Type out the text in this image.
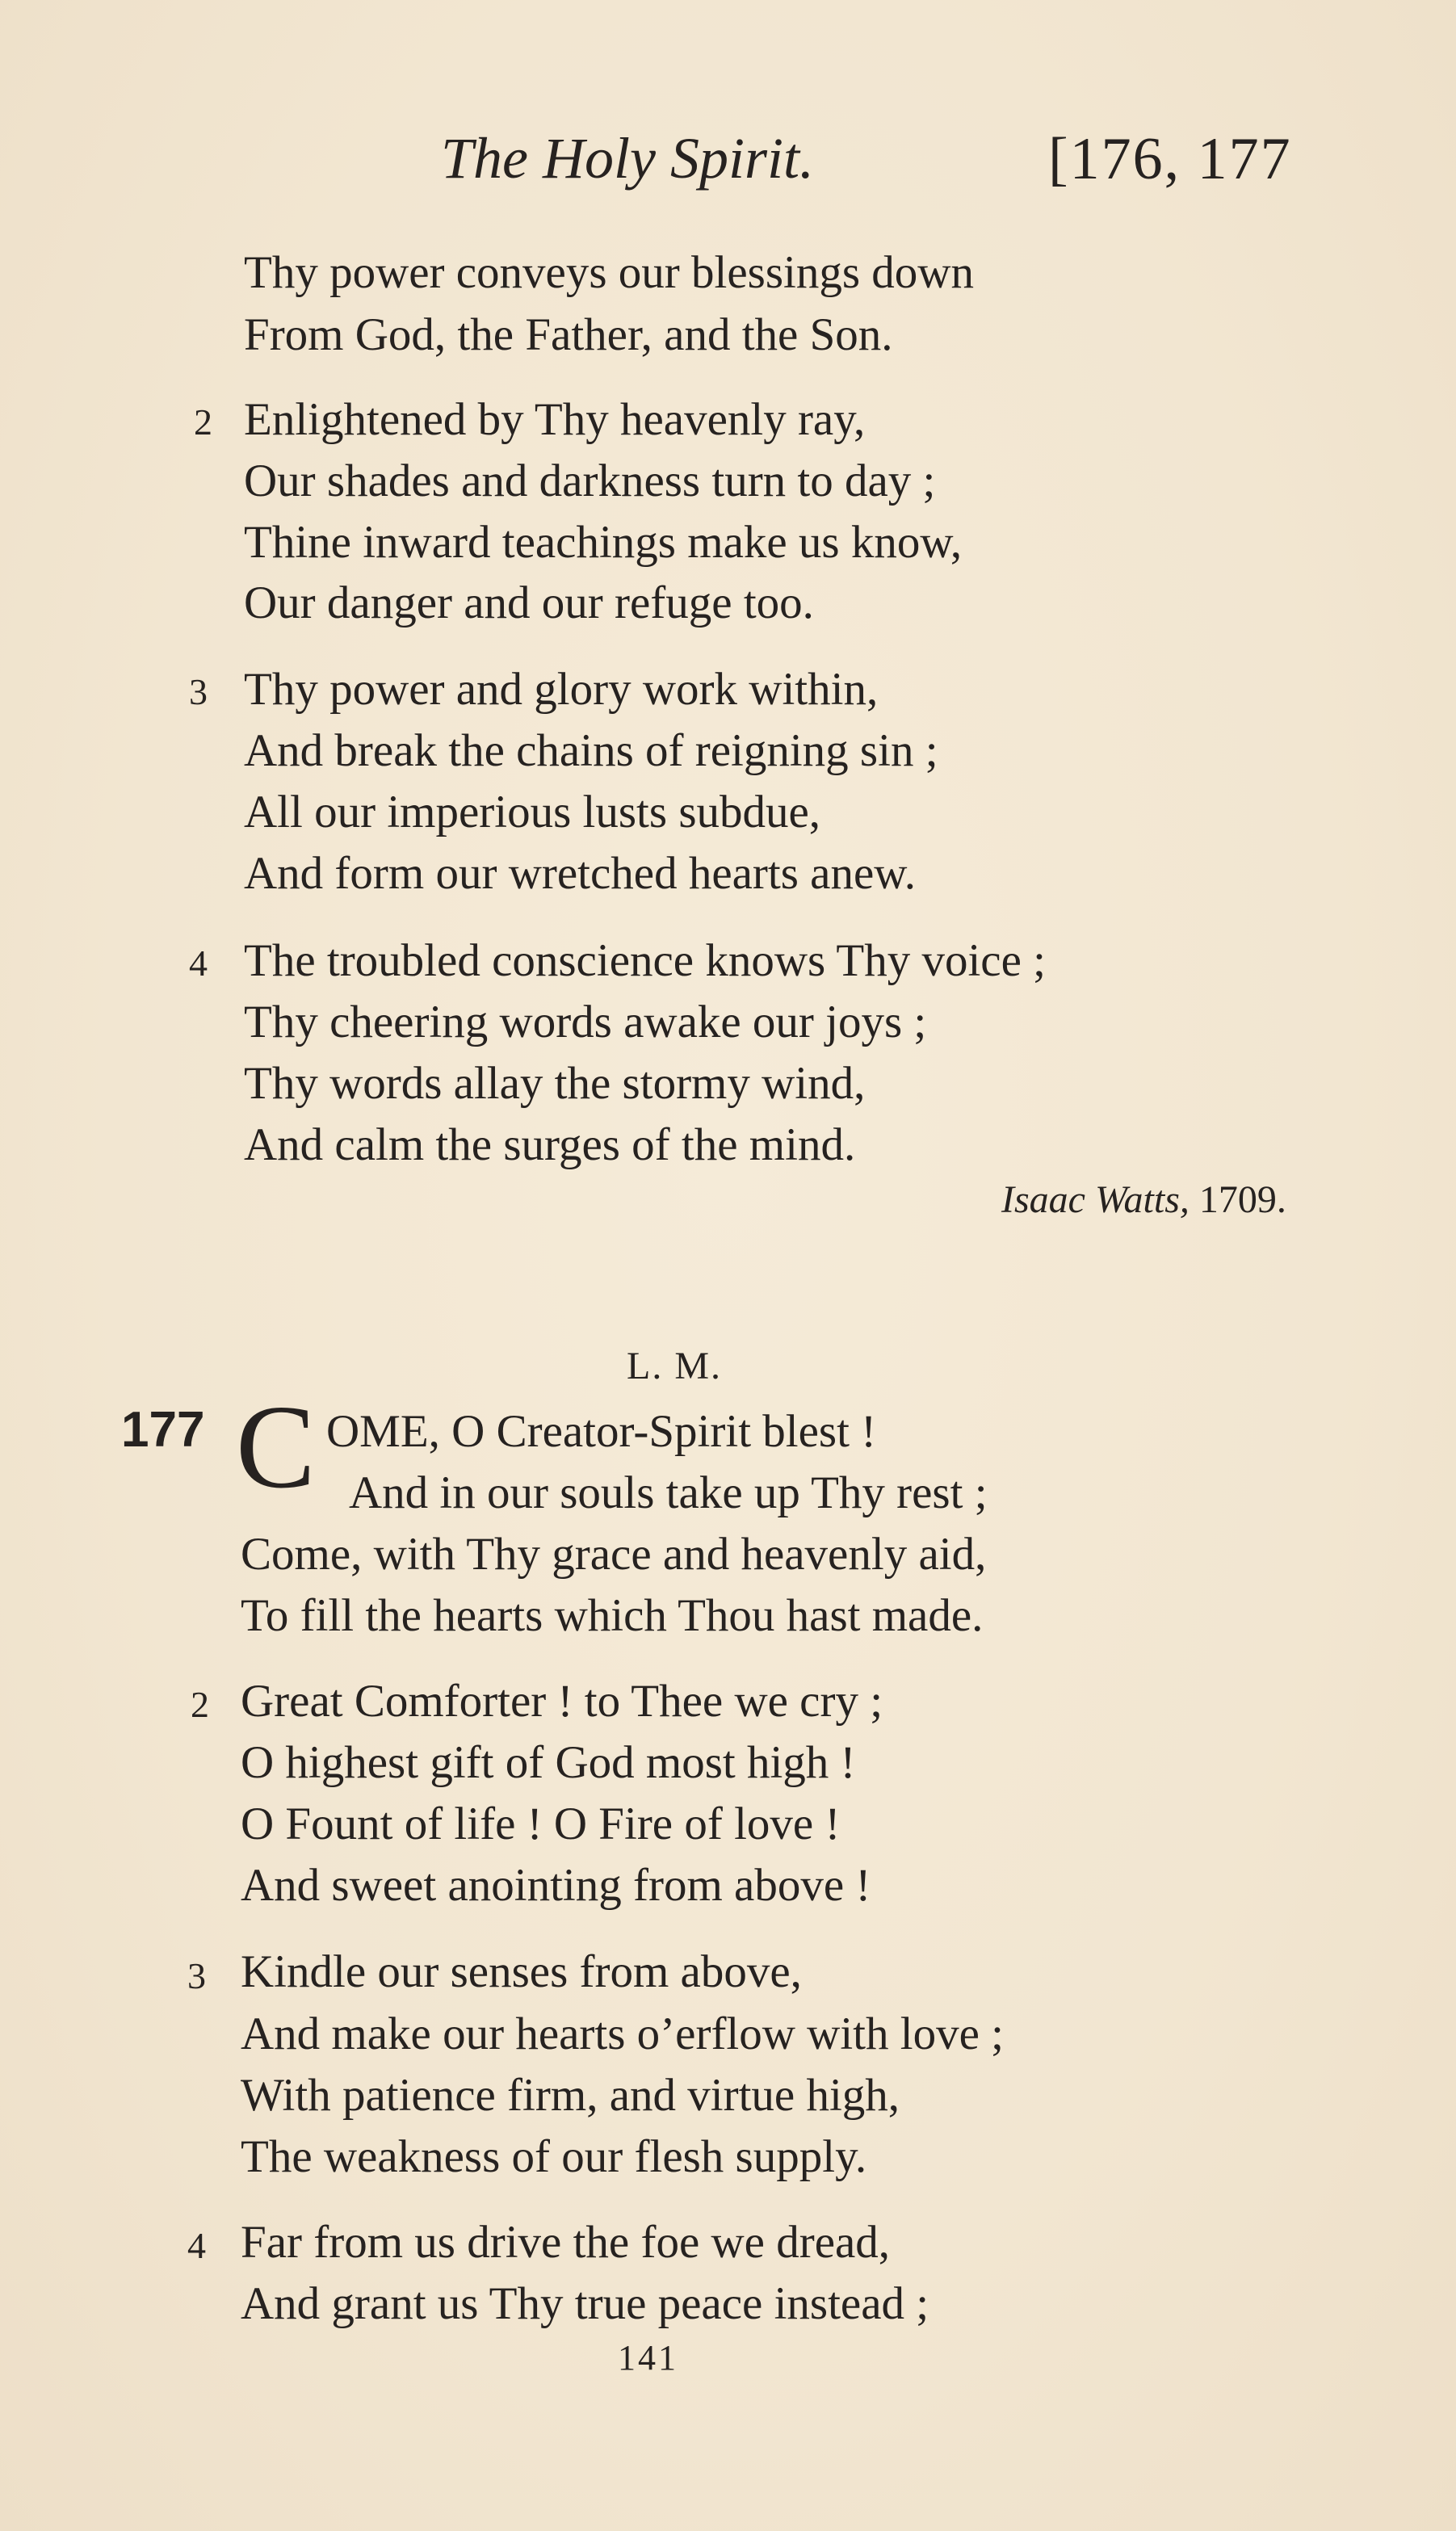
The Holy Spirit.	[176, 177
Thy power conveys our blessings down
From God, the Father, and the Son.
2 Enlightened by Thy heavenly ray,
Our shades and darkness turn to day ;
Thine inward teachings make us know,
Our danger and our refuge too.
3 Thy power and glory work within,
And break the chains of reigning sin ;
All our imperious lusts subdue,
And form our wretched hearts anew.
4 The troubled conscience knows Thy voice ;
Thy cheering words awake our joys ;
Thy words allay the stormy wind,
And calm the surges of the mind.
Isaac Watts, 1709.
L. M.
177 C OME, O Creator-Spirit blest !
And in our souls take up Thy rest ;
Come, with Thy grace and heavenly aid,
To fill the hearts which Thou hast made.
2 Great Comforter ! to Thee we cry ;
O highest gift of God most high !
O Fount of life ! O Fire of love !
And sweet anointing from above !
3 Kindle our senses from above,
And make our hearts o’erflow with love ;
With patience firm, and virtue high,
The weakness of our flesh supply.
4 Far from us drive the foe we dread,
And grant us Thy true peace instead ;
141
